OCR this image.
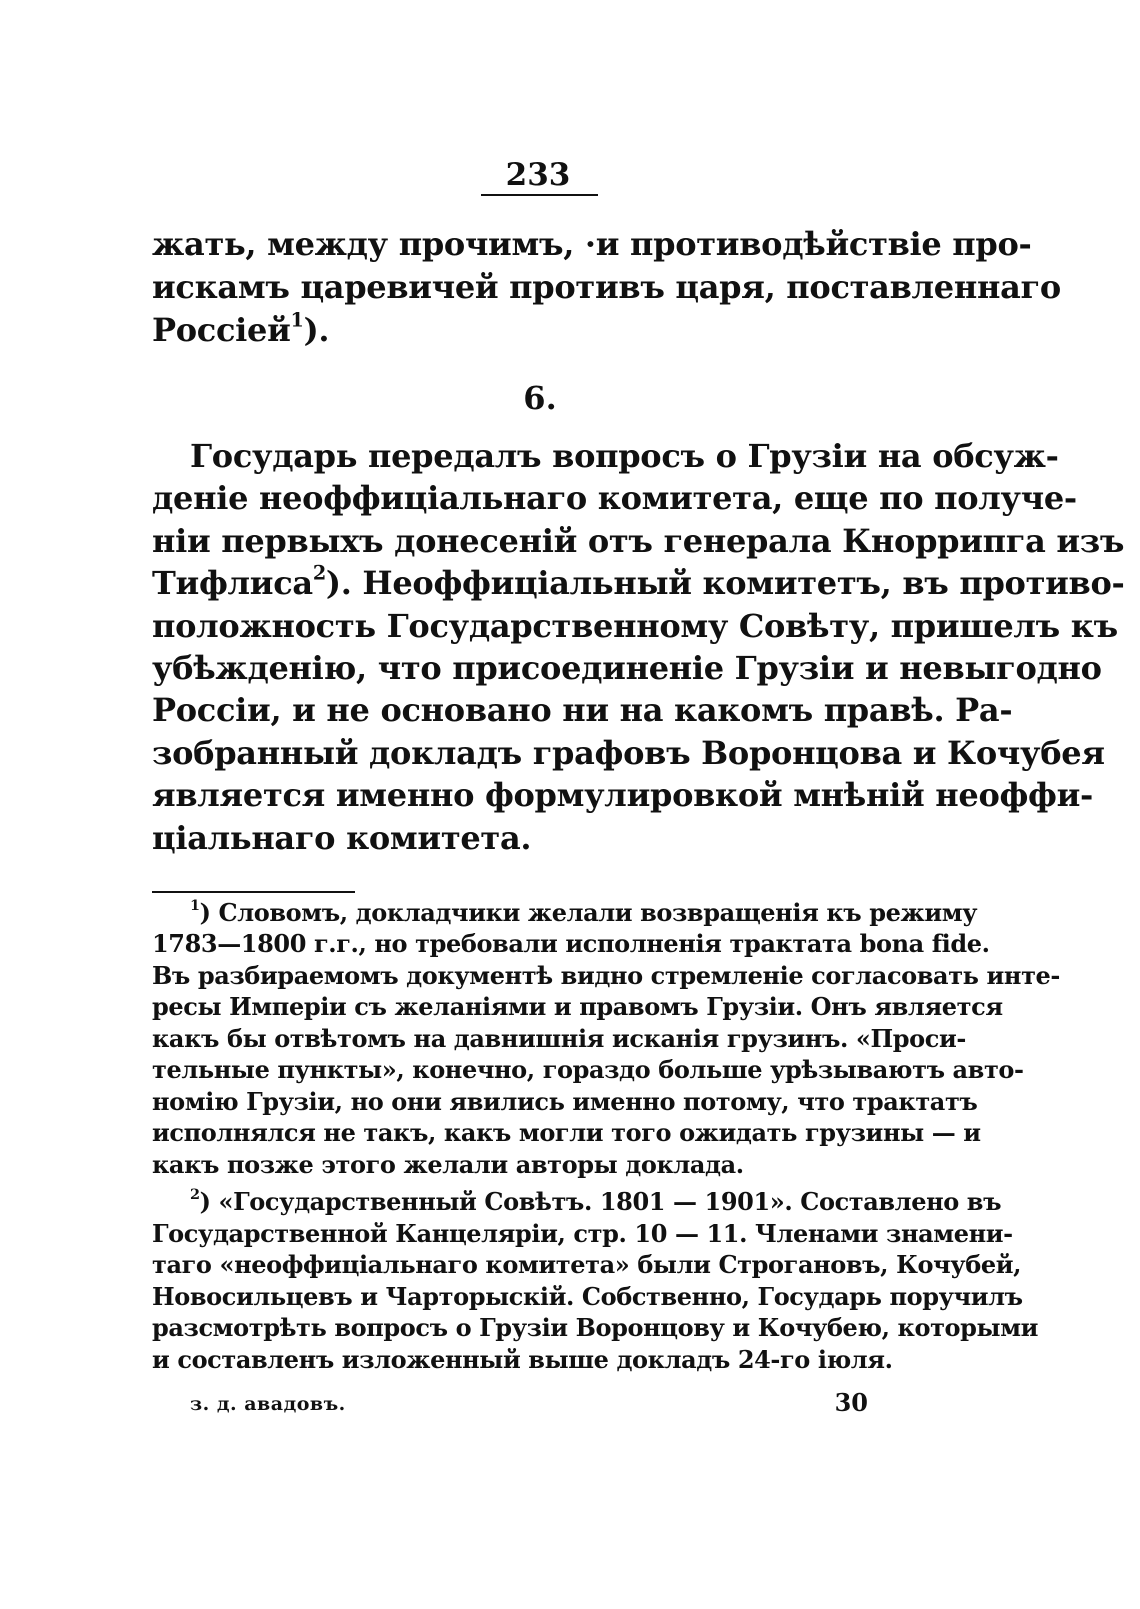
233
жать, между прочимъ, ·и противодѣйствіе про-
искамъ царевичей противъ царя, поставленнаго
Россіей$^1$).
6.
Государь передалъ вопросъ о Грузіи на обсуж-
деніе неоффиціальнаго комитета, еще по получе-
ніи первыхъ донесеній отъ генерала Кноррипга изъ
Тифлиса$^2$). Неоффиціальный комитетъ, въ противо-
положность Государственному Совѣту, пришелъ къ
убѣжденію, что присоединеніе Грузіи и невыгодно
Россіи, и не основано ни на какомъ правѣ. Ра-
зобранный докладъ графовъ Воронцова и Кочубея
является именно формулировкой мнѣній неоффи-
ціальнаго комитета.
$^1$) Словомъ, докладчики желали возвращенія къ режиму
1783—1800 г.г., но требовали исполненія трактата bona fide.
Въ разбираемомъ документѣ видно стремленіе согласовать инте-
ресы Имперіи съ желаніями и правомъ Грузіи. Онъ является
какъ бы отвѣтомъ на давнишнія исканія грузинъ. «Проси-
тельные пункты», конечно, гораздо больше урѣзываютъ авто-
номію Грузіи, но они явились именно потому, что трактатъ
исполнялся не такъ, какъ могли того ожидать грузины — и
какъ позже этого желали авторы доклада.
$^2$) «Государственный Совѣтъ. 1801 — 1901». Составлено въ
Государственной Канцеляріи, стр. 10 — 11. Членами знамени-
таго «неоффиціальнаго комитета» были Строгановъ, Кочубей,
Новосильцевъ и Чарторыскій. Собственно, Государь поручилъ
разсмотрѣть вопросъ о Грузіи Воронцову и Кочубею, которыми
и составленъ изложенный выше докладъ 24-го іюля.
з. д. авадовъ.	30
